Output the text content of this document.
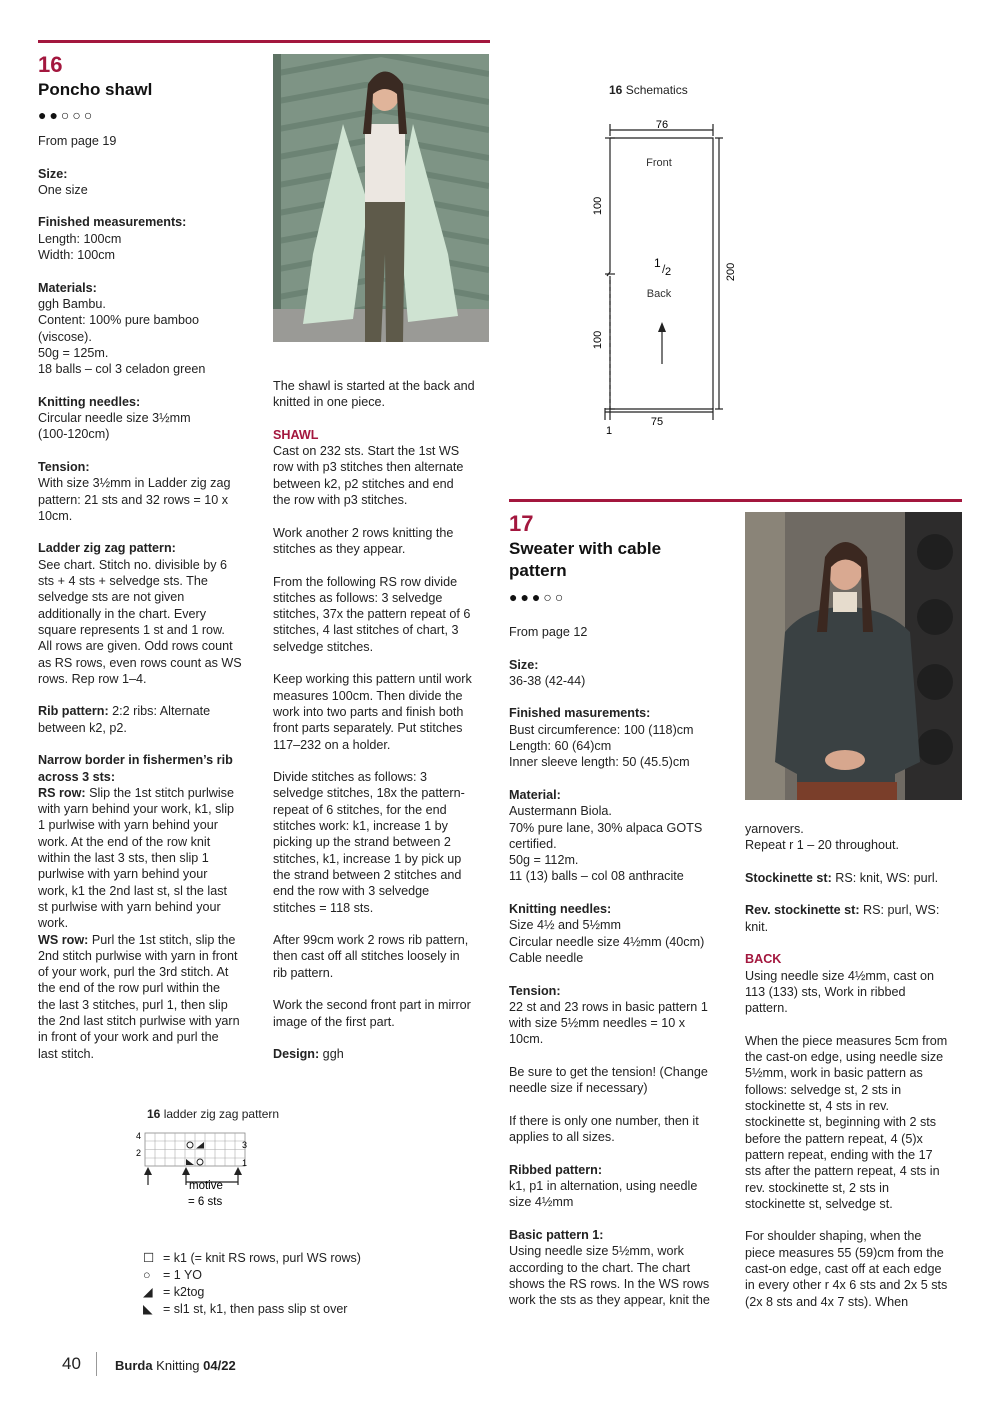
16
Poncho shawl
●●○○○

From page 19

Size:
One size

Finished measurements:
Length: 100cm
Width: 100cm

Materials:
ggh Bambu.
Content: 100% pure bamboo
(viscose).
50g = 125m.
18 balls – col 3 celadon green

Knitting needles:
Circular needle size 3½mm
(100-120cm)

Tension:
With size 3½mm in Ladder zig zag
pattern: 21 sts and 32 rows = 10 x
10cm.

Ladder zig zag pattern:
See chart. Stitch no. divisible by 6
sts + 4 sts + selvedge sts. The
selvedge sts are not given
additionally in the chart. Every
square represents 1 st and 1 row.
All rows are given. Odd rows count
as RS rows, even rows count as WS
rows. Rep row 1–4.

Rib pattern: 2:2 ribs: Alternate
between k2, p2.

Narrow border in fishermen’s rib
across 3 sts:
RS row: Slip the 1st stitch purlwise
with yarn behind your work, k1, slip
1 purlwise with yarn behind your
work. At the end of the row knit
within the last 3 sts, then slip 1
purlwise with yarn behind your
work, k1 the 2nd last st, sl the last
st purlwise with yarn behind your
work.
WS row: Purl the 1st stitch, slip the
2nd stitch purlwise with yarn in front
of your work, purl the 3rd stitch. At
the end of the row purl within the
the last 3 stitches, purl 1, then slip
the 2nd last stitch purlwise with yarn
in front of your work and purl the
last stitch.

The shawl is started at the back and
knitted in one piece.

SHAWL
Cast on 232 sts. Start the 1st WS
row with p3 stitches then alternate
between k2, p2 stitches and end
the row with p3 stitches.

Work another 2 rows knitting the
stitches as they appear.

From the following RS row divide
stitches as follows: 3 selvedge
stitches, 37x the pattern repeat of 6
stitches, 4 last stitches of chart, 3
selvedge stitches.

Keep working this pattern until work
measures 100cm. Then divide the
work into two parts and finish both
front parts separately. Put stitches
117–232 on a holder.

Divide stitches as follows: 3
selvedge stitches, 18x the pattern-
repeat of 6 stitches, for the end
stitches work: k1, increase 1 by
picking up the strand between 2
stitches, k1, increase 1 by pick up
the strand between 2 stitches and
end the row with 3 selvedge
stitches = 118 sts.

After 99cm work 2 rows rib pattern,
then cast off all stitches loosely in
rib pattern.

Work the second front part in mirror
image of the first part.

Design: ggh

16 Schematics
76
75
1
Front
1 / 2
Back
100
100
200
16 ladder zig zag pattern
4
2
3
1
motive
= 6 sts
☐ = k1 (= knit RS rows, purl WS rows)
○ = 1 YO
◢ = k2tog
◣ = sl1 st, k1, then pass slip st over
17
Sweater with cable
pattern
●●●○○

From page 12

Size:
36-38 (42-44)

Finished masurements:
Bust circumference: 100 (118)cm
Length: 60 (64)cm
Inner sleeve length: 50 (45.5)cm

Material:
Austermann Biola.
70% pure lane, 30% alpaca GOTS
certified.
50g = 112m.
11 (13) balls – col 08 anthracite

Knitting needles:
Size 4½ and 5½mm
Circular needle size 4½mm (40cm)
Cable needle

Tension:
22 st and 23 rows in basic pattern 1
with size 5½mm needles = 10 x
10cm.

Be sure to get the tension! (Change
needle size if necessary)

If there is only one number, then it
applies to all sizes.

Ribbed pattern:
k1, p1 in alternation, using needle
size 4½mm

Basic pattern 1:
Using needle size 5½mm, work
according to the chart. The chart
shows the RS rows. In the WS rows
work the sts as they appear, knit the

yarnovers.
Repeat r 1 – 20 throughout.

Stockinette st: RS: knit, WS: purl.

Rev. stockinette st: RS: purl, WS:
knit.

BACK
Using needle size 4½mm, cast on
113 (133) sts, Work in ribbed
pattern.

When the piece measures 5cm from
the cast-on edge, using needle size
5½mm, work in basic pattern as
follows: selvedge st, 2 sts in
stockinette st, 4 sts in rev.
stockinette st, beginning with 2 sts
before the pattern repeat, 4 (5)x
pattern repeat, ending with the 17
sts after the pattern repeat, 4 sts in
rev. stockinette st, 2 sts in
stockinette st, selvedge st.

For shoulder shaping, when the
piece measures 55 (59)cm from the
cast-on edge, cast off at each edge
in every other r 4x 6 sts and 2x 5 sts
(2x 8 sts and 4x 7 sts). When

40	Burda Knitting 04/22
